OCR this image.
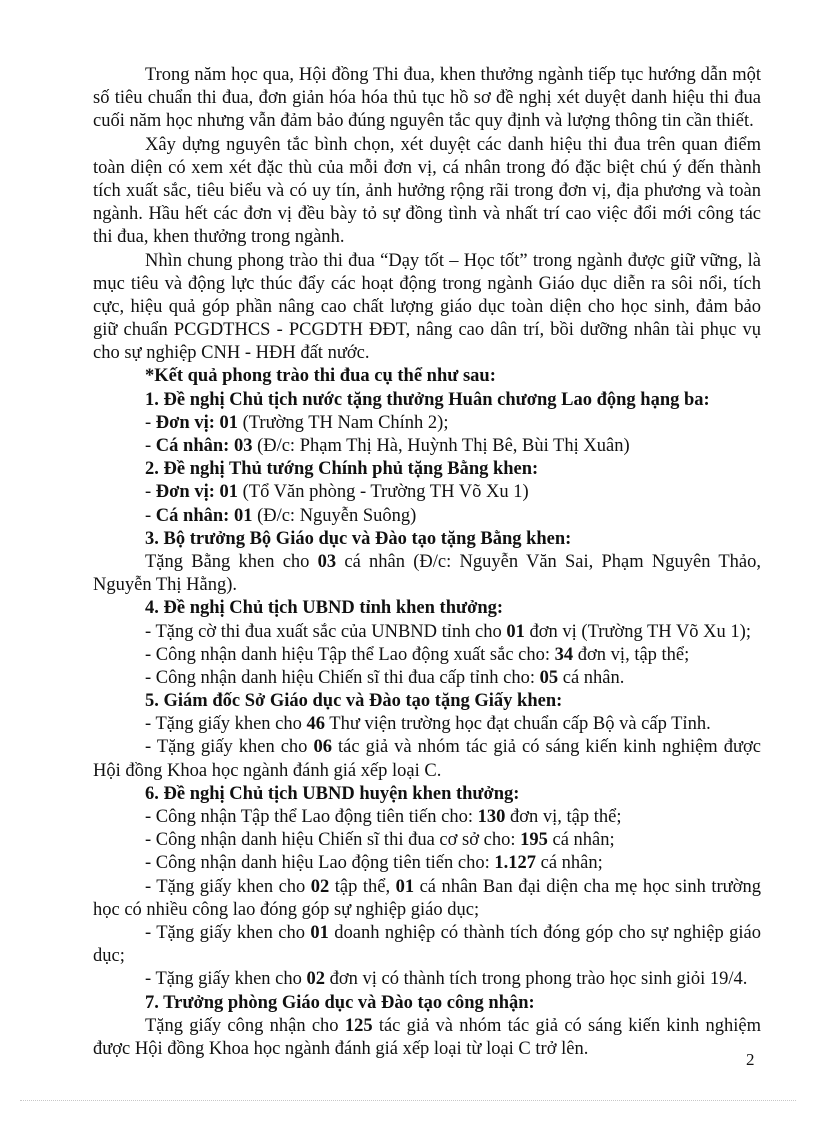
Trong năm học qua, Hội đồng Thi đua, khen thưởng ngành tiếp tục hướng dẫn một
số tiêu chuẩn thi đua, đơn giản hóa hóa thủ tục hồ sơ đề nghị xét duyệt danh hiệu thi đua
cuối năm học nhưng vẫn đảm bảo đúng nguyên tắc quy định và lượng thông tin cần thiết.
Xây dựng nguyên tắc bình chọn, xét duyệt các danh hiệu thi đua trên quan điểm
toàn diện có xem xét đặc thù của mỗi đơn vị, cá nhân trong đó đặc biệt chú ý đến thành
tích xuất sắc, tiêu biểu và có uy tín, ảnh hưởng rộng rãi trong đơn vị, địa phương và toàn
ngành. Hầu hết các đơn vị đều bày tỏ sự đồng tình và nhất trí cao việc đổi mới công tác
thi đua, khen thưởng trong ngành.
Nhìn chung phong trào thi đua “Dạy tốt – Học tốt” trong ngành được giữ vững, là
mục tiêu và động lực thúc đẩy các hoạt động trong ngành Giáo dục diễn ra sôi nổi, tích
cực, hiệu quả góp phần nâng cao chất lượng giáo dục toàn diện cho học sinh, đảm bảo
giữ chuẩn PCGDTHCS - PCGDTH ĐĐT, nâng cao dân trí, bồi dưỡng nhân tài phục vụ
cho sự nghiệp CNH - HĐH đất nước.
*Kết quả phong trào thi đua cụ thể như sau:
1. Đề nghị Chủ tịch nước tặng thưởng Huân chương Lao động hạng ba:
- Đơn vị: 01 (Trường TH Nam Chính 2);
- Cá nhân: 03 (Đ/c: Phạm Thị Hà, Huỳnh Thị Bê, Bùi Thị Xuân)
2. Đề nghị Thủ tướng Chính phủ tặng Bằng khen:
- Đơn vị: 01 (Tổ Văn phòng - Trường TH Võ Xu 1)
- Cá nhân: 01 (Đ/c: Nguyễn Suông)
3. Bộ trưởng Bộ Giáo dục và Đào tạo tặng Bằng khen:
Tặng Bằng khen cho 03 cá nhân (Đ/c: Nguyễn Văn Sai, Phạm Nguyên Thảo,
Nguyễn Thị Hằng).
4. Đề nghị Chủ tịch UBND tỉnh khen thưởng:
- Tặng cờ thi đua xuất sắc của UNBND tỉnh cho 01 đơn vị (Trường TH Võ Xu 1);
- Công nhận danh hiệu Tập thể Lao động xuất sắc cho: 34 đơn vị, tập thể;
- Công nhận danh hiệu Chiến sĩ thi đua cấp tỉnh cho: 05 cá nhân.
5. Giám đốc Sở Giáo dục và Đào tạo tặng Giấy khen:
- Tặng giấy khen cho 46 Thư viện trường học đạt chuẩn cấp Bộ và cấp Tỉnh.
- Tặng giấy khen cho 06 tác giả và nhóm tác giả có sáng kiến kinh nghiệm được
Hội đồng Khoa học ngành đánh giá xếp loại C.
6. Đề nghị Chủ tịch UBND huyện khen thưởng:
- Công nhận Tập thể Lao động tiên tiến cho: 130 đơn vị, tập thể;
- Công nhận danh hiệu Chiến sĩ thi đua cơ sở cho: 195 cá nhân;
- Công nhận danh hiệu Lao động tiên tiến cho: 1.127 cá nhân;
- Tặng giấy khen cho 02 tập thể, 01 cá nhân Ban đại diện cha mẹ học sinh trường
học có nhiều công lao đóng góp sự nghiệp giáo dục;
- Tặng giấy khen cho 01 doanh nghiệp có thành tích đóng góp cho sự nghiệp giáo
dục;
- Tặng giấy khen cho 02 đơn vị có thành tích trong phong trào học sinh giỏi 19/4.
7. Trưởng phòng Giáo dục và Đào tạo công nhận:
Tặng giấy công nhận cho 125 tác giả và nhóm tác giả có sáng kiến kinh nghiệm
được Hội đồng Khoa học ngành đánh giá xếp loại từ loại C trở lên.
2
